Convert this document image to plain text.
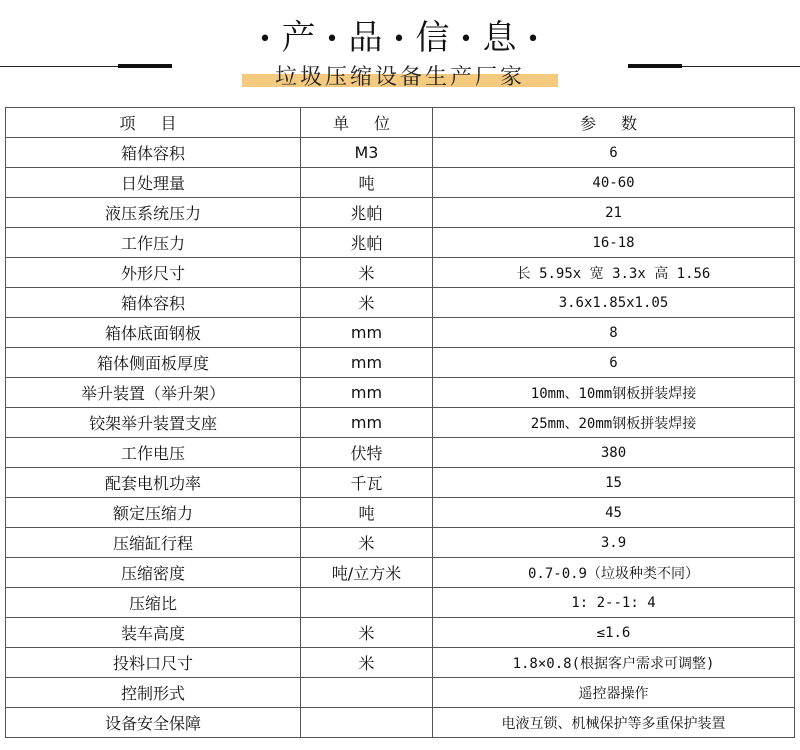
• 产 • 品 • 信 • 息 •
垃圾压缩设备生产厂家
项 目	单 位	参 数
箱体容积	M3	6
日处理量	吨	40-60
液压系统压力	兆帕	21
工作压力	兆帕	16-18
外形尺寸	米	长 5.95x 宽 3.3x 高 1.56
箱体容积	米	3.6x1.85x1.05
箱体底面钢板	mm	8
箱体侧面板厚度	mm	6
举升装置（举升架）	mm	10mm、10mm钢板拼装焊接
铰架举升装置支座	mm	25mm、20mm钢板拼装焊接
工作电压	伏特	380
配套电机功率	千瓦	15
额定压缩力	吨	45
压缩缸行程	米	3.9
压缩密度	吨/立方米	0.7-0.9（垃圾种类不同）
压缩比		1: 2--1: 4
装车高度	米	≤1.6
投料口尺寸	米	1.8×0.8(根据客户需求可调整)
控制形式		遥控器操作
设备安全保障		电液互锁、机械保护等多重保护装置
